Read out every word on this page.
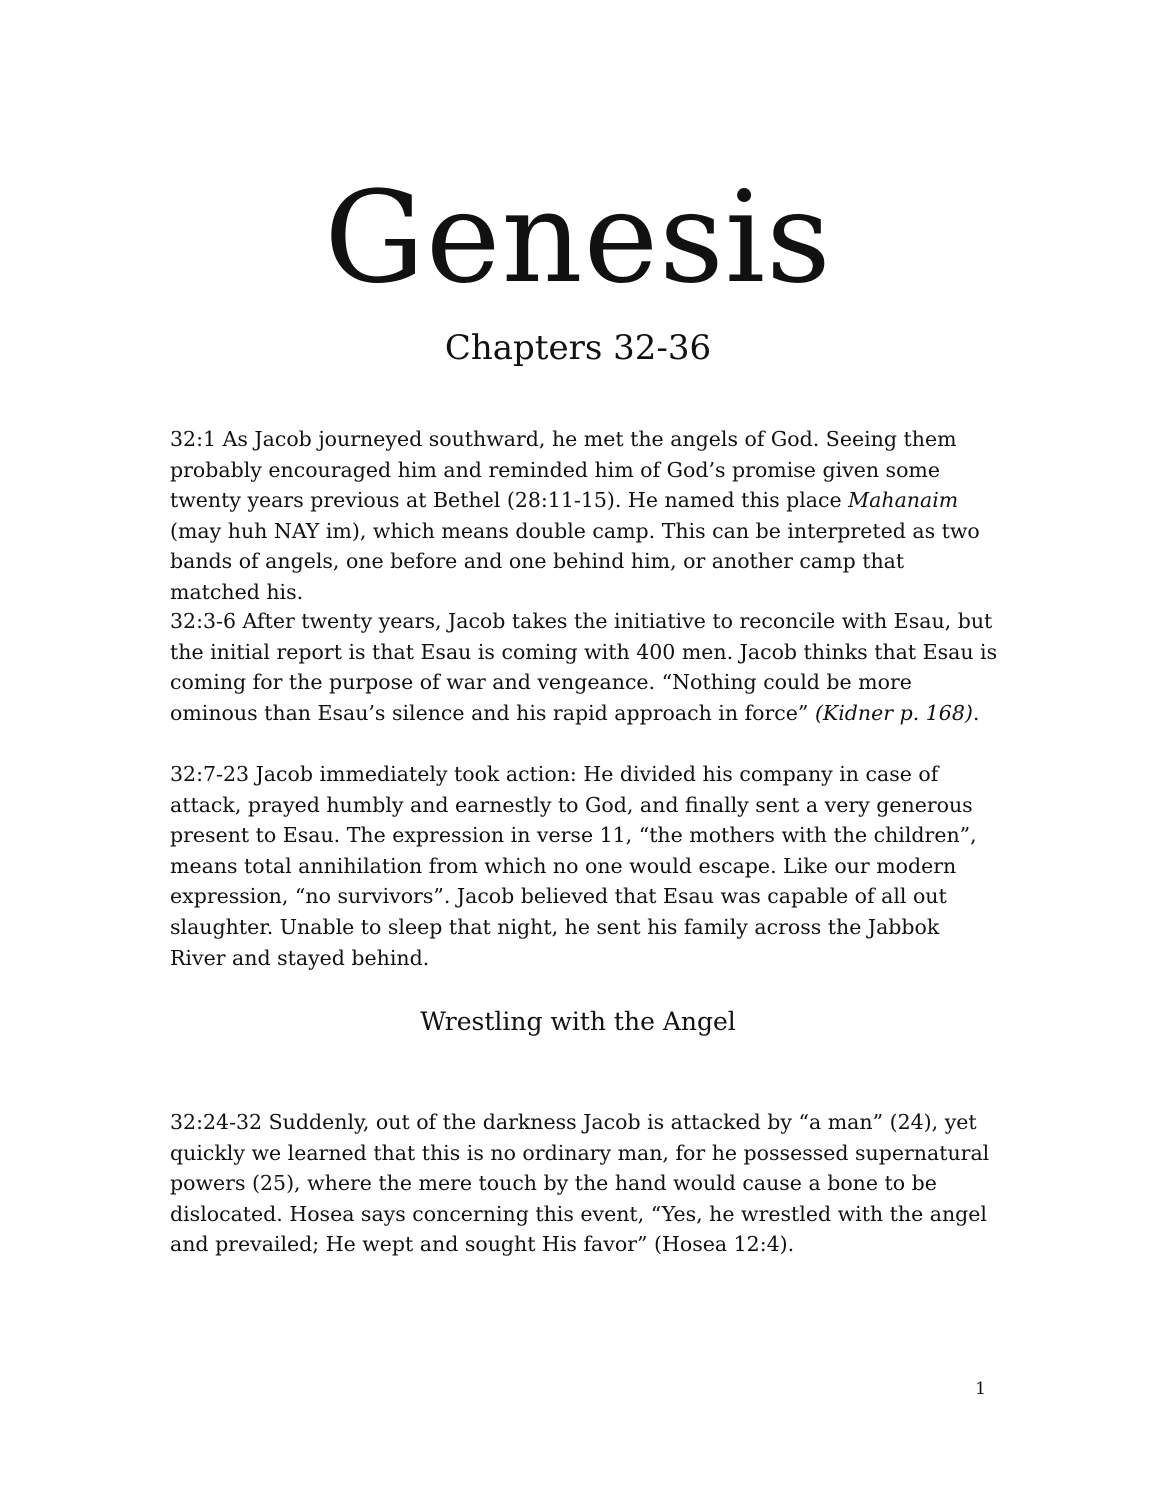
Genesis
Chapters 32-36

32:1 As Jacob journeyed southward, he met the angels of God. Seeing them probably encouraged him and reminded him of God’s promise given some twenty years previous at Bethel (28:11-15). He named this place Mahanaim (may huh NAY im), which means double camp. This can be interpreted as two bands of angels, one before and one behind him, or another camp that matched his.

32:3-6 After twenty years, Jacob takes the initiative to reconcile with Esau, but the initial report is that Esau is coming with 400 men. Jacob thinks that Esau is coming for the purpose of war and vengeance. “Nothing could be more ominous than Esau’s silence and his rapid approach in force” (Kidner p. 168).

32:7-23 Jacob immediately took action: He divided his company in case of attack, prayed humbly and earnestly to God, and finally sent a very generous present to Esau. The expression in verse 11, “the mothers with the children”, means total annihilation from which no one would escape. Like our modern expression, “no survivors”. Jacob believed that Esau was capable of all out slaughter. Unable to sleep that night, he sent his family across the Jabbok River and stayed behind.

Wrestling with the Angel

32:24-32 Suddenly, out of the darkness Jacob is attacked by “a man” (24), yet quickly we learned that this is no ordinary man, for he possessed supernatural powers (25), where the mere touch by the hand would cause a bone to be dislocated. Hosea says concerning this event, “Yes, he wrestled with the angel and prevailed; He wept and sought His favor” (Hosea 12:4).

1
